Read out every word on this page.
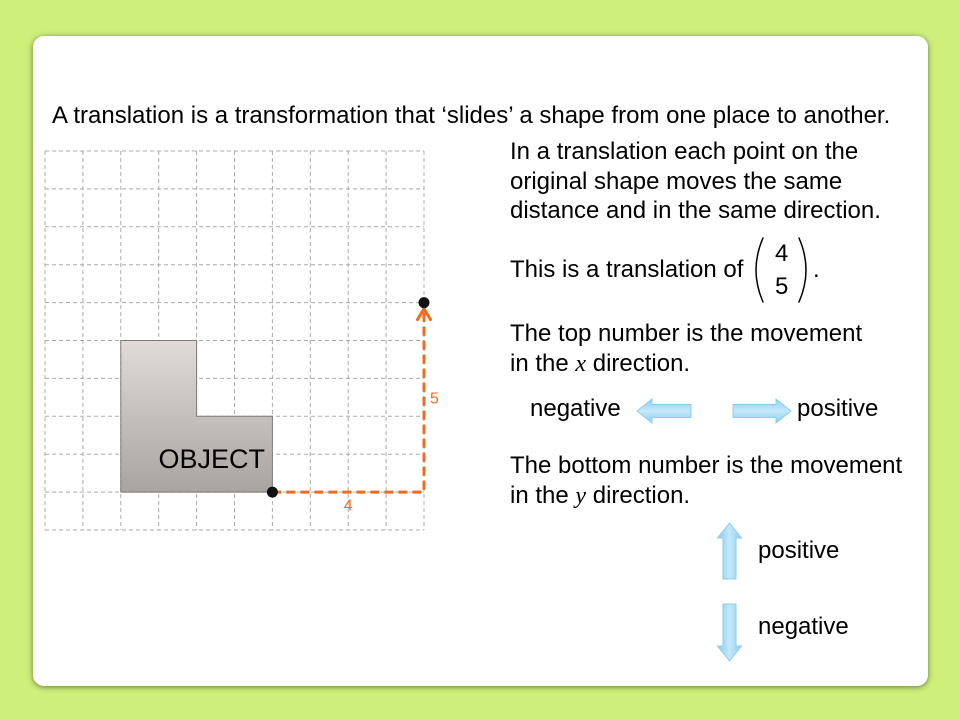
A translation is a transformation that ‘slides’ a shape from one place to another.
OBJECT
4
5
In a translation each point on the
original shape moves the same
distance and in the same direction.
This is a translation of
4
5
.
The top number is the movement
in the x direction.
negative	positive
The bottom number is the movement
in the y direction.
positive
negative
